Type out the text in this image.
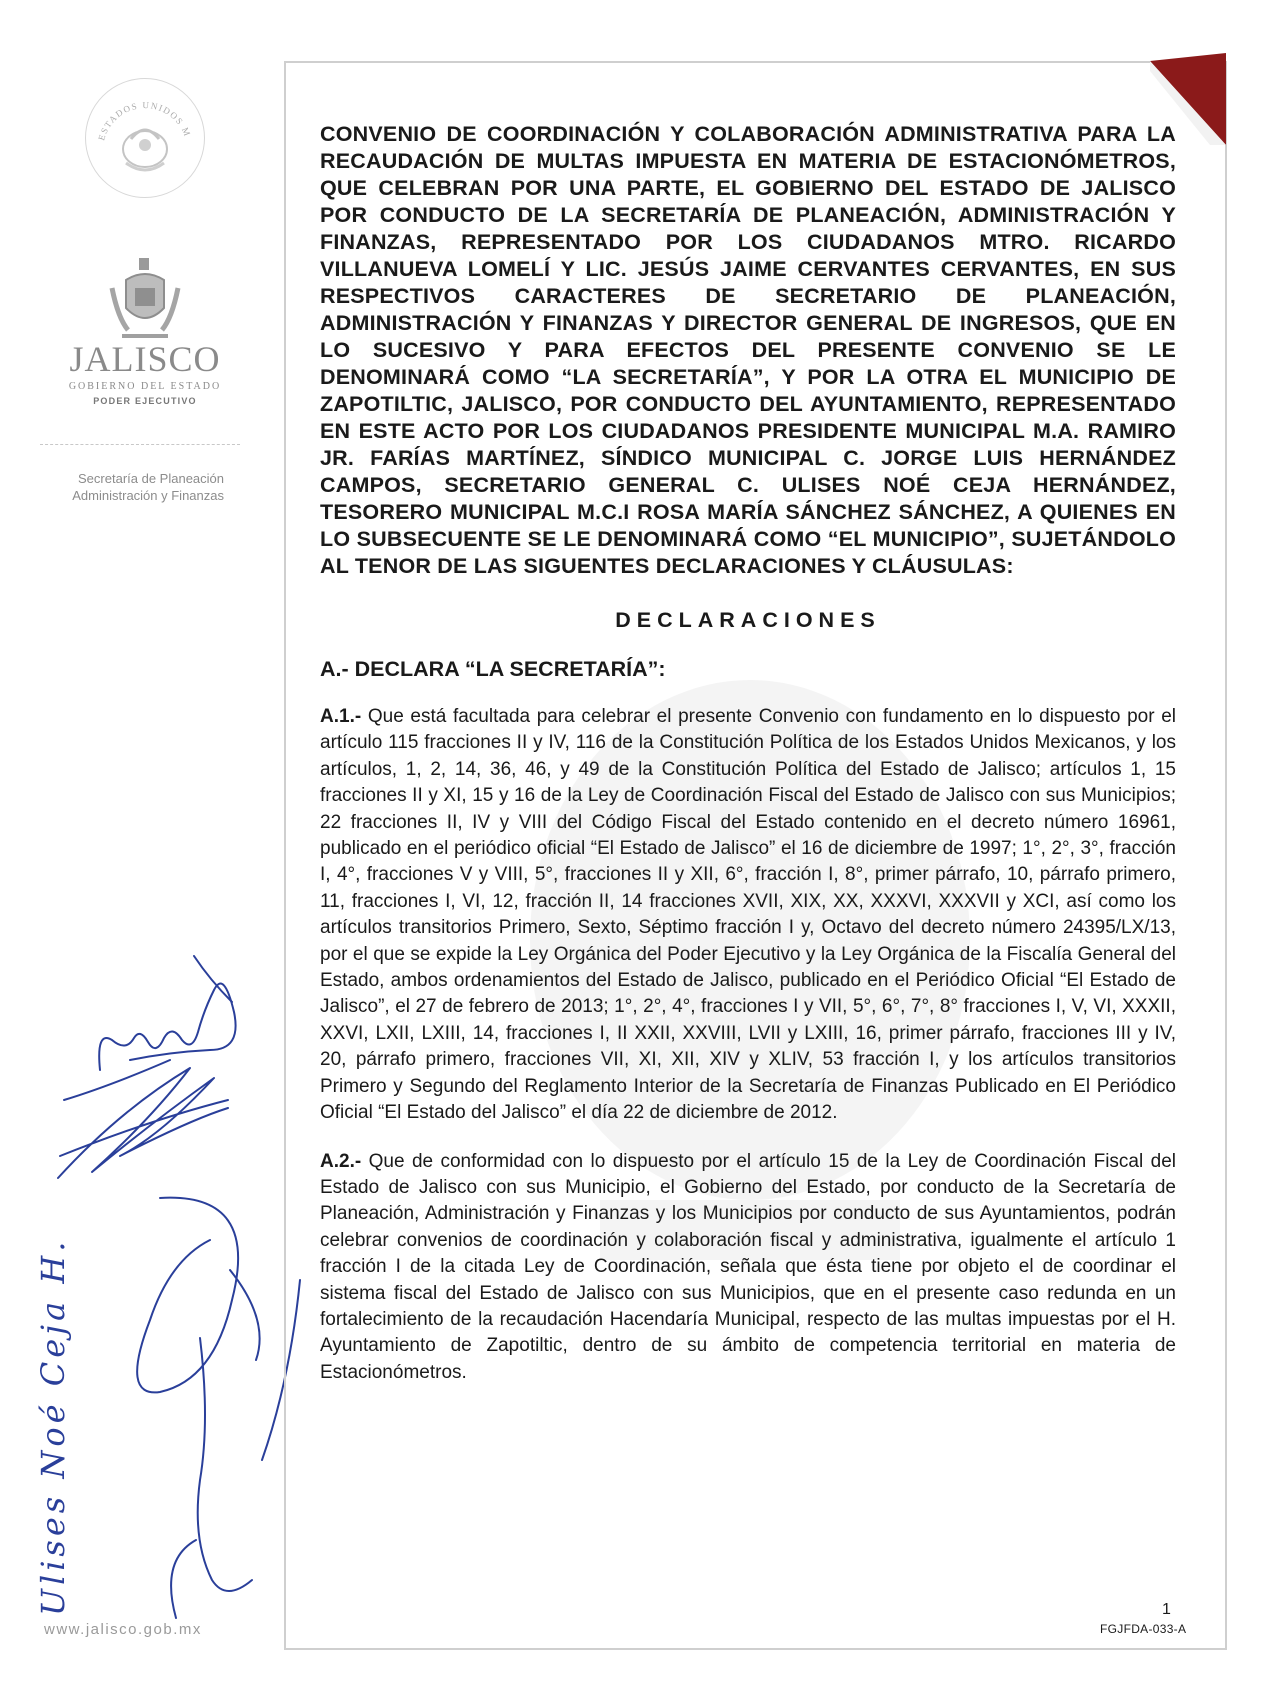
ESTADOS UNIDOS M
JALISCO
GOBIERNO DEL ESTADO
PODER EJECUTIVO
Secretaría de Planeación
Administración y Finanzas
www.jalisco.gob.mx
Ulises Noé Ceja H.

CONVENIO DE COORDINACIÓN Y COLABORACIÓN ADMINISTRATIVA PARA LA RECAUDACIÓN DE MULTAS IMPUESTA EN MATERIA DE ESTACIONÓMETROS, QUE CELEBRAN POR UNA PARTE, EL GOBIERNO DEL ESTADO DE JALISCO POR CONDUCTO DE LA SECRETARÍA DE PLANEACIÓN, ADMINISTRACIÓN Y FINANZAS, REPRESENTADO POR LOS CIUDADANOS MTRO. RICARDO VILLANUEVA LOMELÍ Y LIC. JESÚS JAIME CERVANTES CERVANTES, EN SUS RESPECTIVOS CARACTERES DE SECRETARIO DE PLANEACIÓN, ADMINISTRACIÓN Y FINANZAS Y DIRECTOR GENERAL DE INGRESOS, QUE EN LO SUCESIVO Y PARA EFECTOS DEL PRESENTE CONVENIO SE LE DENOMINARÁ COMO “LA SECRETARÍA”, Y POR LA OTRA EL MUNICIPIO DE ZAPOTILTIC, JALISCO, POR CONDUCTO DEL AYUNTAMIENTO, REPRESENTADO EN ESTE ACTO POR LOS CIUDADANOS PRESIDENTE MUNICIPAL M.A. RAMIRO JR. FARÍAS MARTÍNEZ, SÍNDICO MUNICIPAL C. JORGE LUIS HERNÁNDEZ CAMPOS, SECRETARIO GENERAL C. ULISES NOÉ CEJA HERNÁNDEZ, TESORERO MUNICIPAL M.C.I ROSA MARÍA SÁNCHEZ SÁNCHEZ, A QUIENES EN LO SUBSECUENTE SE LE DENOMINARÁ COMO “EL MUNICIPIO”, SUJETÁNDOLO AL TENOR DE LAS SIGUENTES DECLARACIONES Y CLÁUSULAS:

DECLARACIONES
A.- DECLARA “LA SECRETARÍA”:

A.1.- Que está facultada para celebrar el presente Convenio con fundamento en lo dispuesto por el artículo 115 fracciones II y IV, 116 de la Constitución Política de los Estados Unidos Mexicanos, y los artículos, 1, 2, 14, 36, 46, y 49 de la Constitución Política del Estado de Jalisco; artículos 1, 15 fracciones II y XI, 15 y 16 de la Ley de Coordinación Fiscal del Estado de Jalisco con sus Municipios; 22 fracciones II, IV y VIII del Código Fiscal del Estado contenido en el decreto número 16961, publicado en el periódico oficial “El Estado de Jalisco” el 16 de diciembre de 1997; 1°, 2°, 3°, fracción I, 4°, fracciones V y VIII, 5°, fracciones II y XII, 6°, fracción I, 8°, primer párrafo, 10, párrafo primero, 11, fracciones I, VI, 12, fracción II, 14 fracciones XVII, XIX, XX, XXXVI, XXXVII y XCI, así como los artículos transitorios Primero, Sexto, Séptimo fracción I y, Octavo del decreto número 24395/LX/13, por el que se expide la Ley Orgánica del Poder Ejecutivo y la Ley Orgánica de la Fiscalía General del Estado, ambos ordenamientos del Estado de Jalisco, publicado en el Periódico Oficial “El Estado de Jalisco”, el 27 de febrero de 2013; 1°, 2°, 4°, fracciones I y VII, 5°, 6°, 7°, 8° fracciones I, V, VI, XXXII, XXVI, LXII, LXIII, 14, fracciones I, II XXII, XXVIII, LVII y LXIII, 16, primer párrafo, fracciones III y IV, 20, párrafo primero, fracciones VII, XI, XII, XIV y XLIV, 53 fracción I, y los artículos transitorios Primero y Segundo del Reglamento Interior de la Secretaría de Finanzas Publicado en El Periódico Oficial “El Estado del Jalisco” el día 22 de diciembre de 2012.

A.2.- Que de conformidad con lo dispuesto por el artículo 15 de la Ley de Coordinación Fiscal del Estado de Jalisco con sus Municipio, el Gobierno del Estado, por conducto de la Secretaría de Planeación, Administración y Finanzas y los Municipios por conducto de sus Ayuntamientos, podrán celebrar convenios de coordinación y colaboración fiscal y administrativa, igualmente el artículo 1 fracción I de la citada Ley de Coordinación, señala que ésta tiene por objeto el de coordinar el sistema fiscal del Estado de Jalisco con sus Municipios, que en el presente caso redunda en un fortalecimiento de la recaudación Hacendaría Municipal, respecto de las multas impuestas por el H. Ayuntamiento de Zapotiltic, dentro de su ámbito de competencia territorial en materia de Estacionómetros.

1
FGJFDA-033-A
